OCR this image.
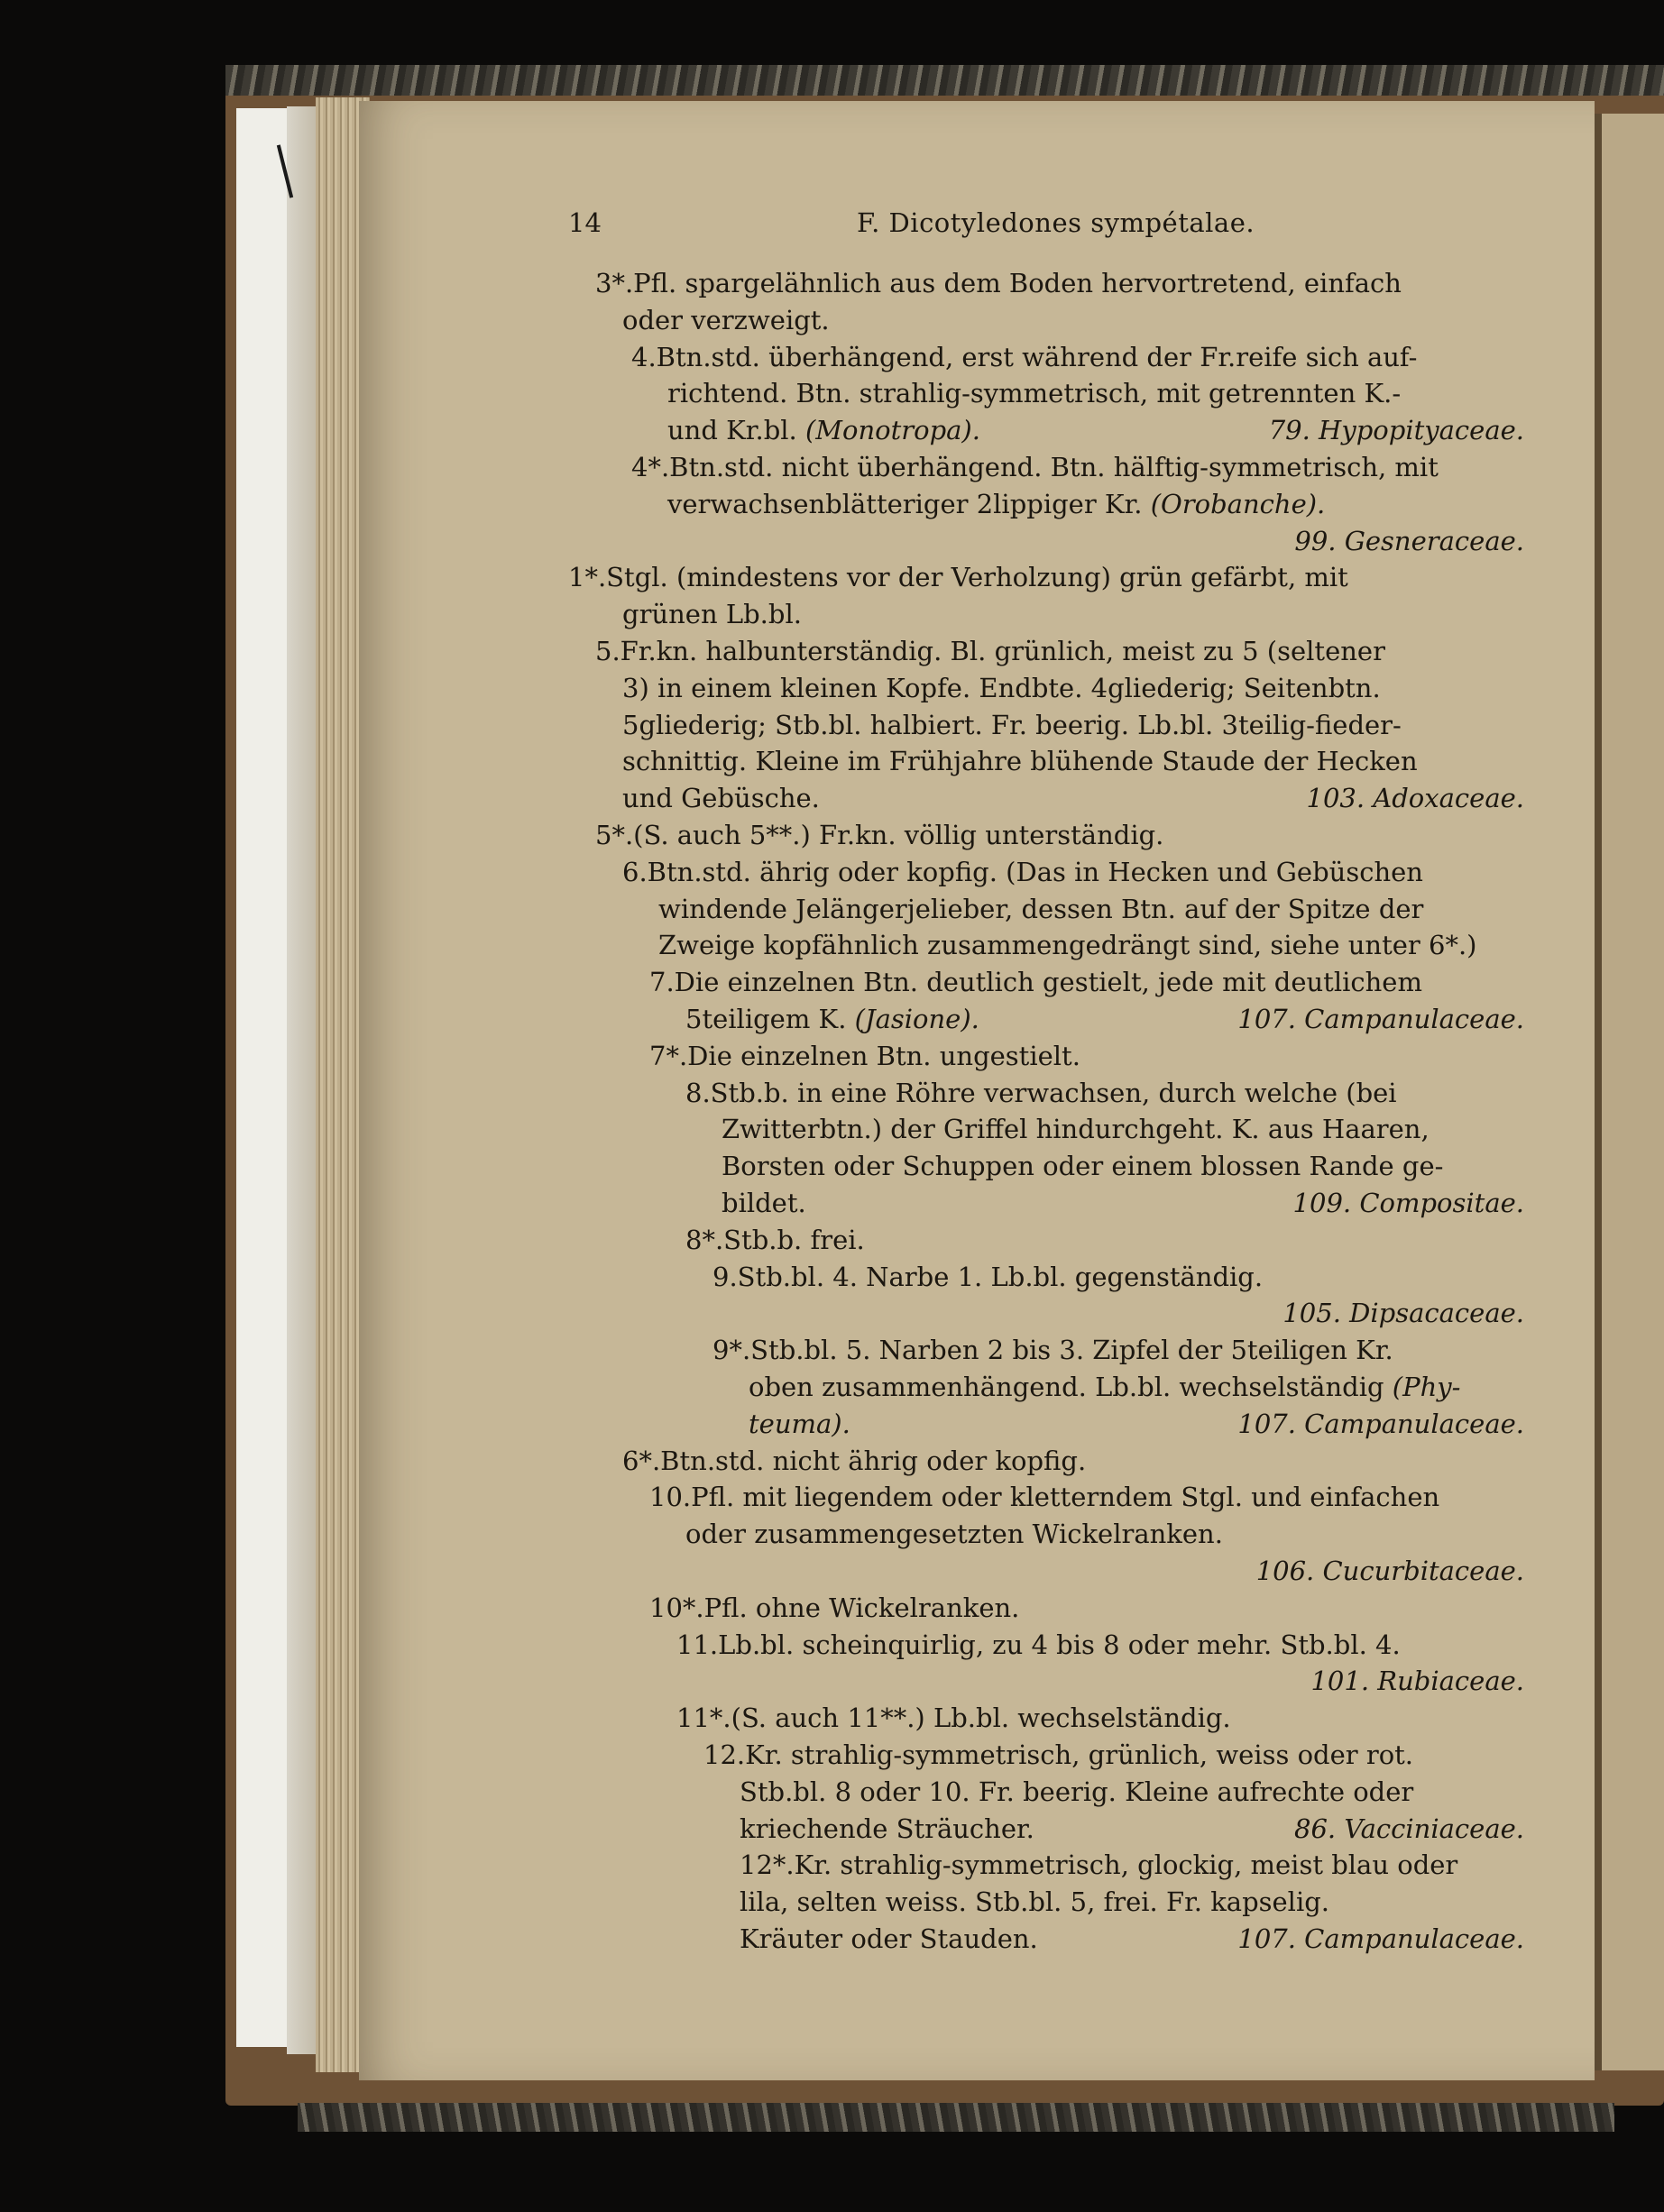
14	F. Dicotyledones sympétalae.
3*.Pfl. spargelähnlich aus dem Boden hervortretend, einfach
oder verzweigt.
4.Btn.std. überhängend, erst während der Fr.reife sich auf-
richtend. Btn. strahlig-symmetrisch, mit getrennten K.-
und Kr.bl. (Monotropa).	79. Hypopityaceae.
4*.Btn.std. nicht überhängend. Btn. hälftig-symmetrisch, mit
verwachsenblätteriger 2lippiger Kr. (Orobanche).
99. Gesneraceae.
1*.Stgl. (mindestens vor der Verholzung) grün gefärbt, mit
grünen Lb.bl.
5.Fr.kn. halbunterständig. Bl. grünlich, meist zu 5 (seltener
3) in einem kleinen Kopfe. Endbte. 4gliederig; Seitenbtn.
5gliederig; Stb.bl. halbiert. Fr. beerig. Lb.bl. 3teilig-fieder-
schnittig. Kleine im Frühjahre blühende Staude der Hecken
und Gebüsche.	103. Adoxaceae.
5*.(S. auch 5**.) Fr.kn. völlig unterständig.
6.Btn.std. ährig oder kopfig. (Das in Hecken und Gebüschen
windende Jelängerjelieber, dessen Btn. auf der Spitze der
Zweige kopfähnlich zusammengedrängt sind, siehe unter 6*.)
7.Die einzelnen Btn. deutlich gestielt, jede mit deutlichem
5teiligem K. (Jasione).	107. Campanulaceae.
7*.Die einzelnen Btn. ungestielt.
8.Stb.b. in eine Röhre verwachsen, durch welche (bei
Zwitterbtn.) der Griffel hindurchgeht. K. aus Haaren,
Borsten oder Schuppen oder einem blossen Rande ge-
bildet.	109. Compositae.
8*.Stb.b. frei.
9.Stb.bl. 4. Narbe 1. Lb.bl. gegenständig.
105. Dipsacaceae.
9*.Stb.bl. 5. Narben 2 bis 3. Zipfel der 5teiligen Kr.
oben zusammenhängend. Lb.bl. wechselständig (Phy-
teuma).	107. Campanulaceae.
6*.Btn.std. nicht ährig oder kopfig.
10.Pfl. mit liegendem oder kletterndem Stgl. und einfachen
oder zusammengesetzten Wickelranken.
106. Cucurbitaceae.
10*.Pfl. ohne Wickelranken.
11.Lb.bl. scheinquirlig, zu 4 bis 8 oder mehr. Stb.bl. 4.
101. Rubiaceae.
11*.(S. auch 11**.) Lb.bl. wechselständig.
12.Kr. strahlig-symmetrisch, grünlich, weiss oder rot.
Stb.bl. 8 oder 10. Fr. beerig. Kleine aufrechte oder
kriechende Sträucher.	86. Vacciniaceae.
12*.Kr. strahlig-symmetrisch, glockig, meist blau oder
lila, selten weiss. Stb.bl. 5, frei. Fr. kapselig.
Kräuter oder Stauden.	107. Campanulaceae.
